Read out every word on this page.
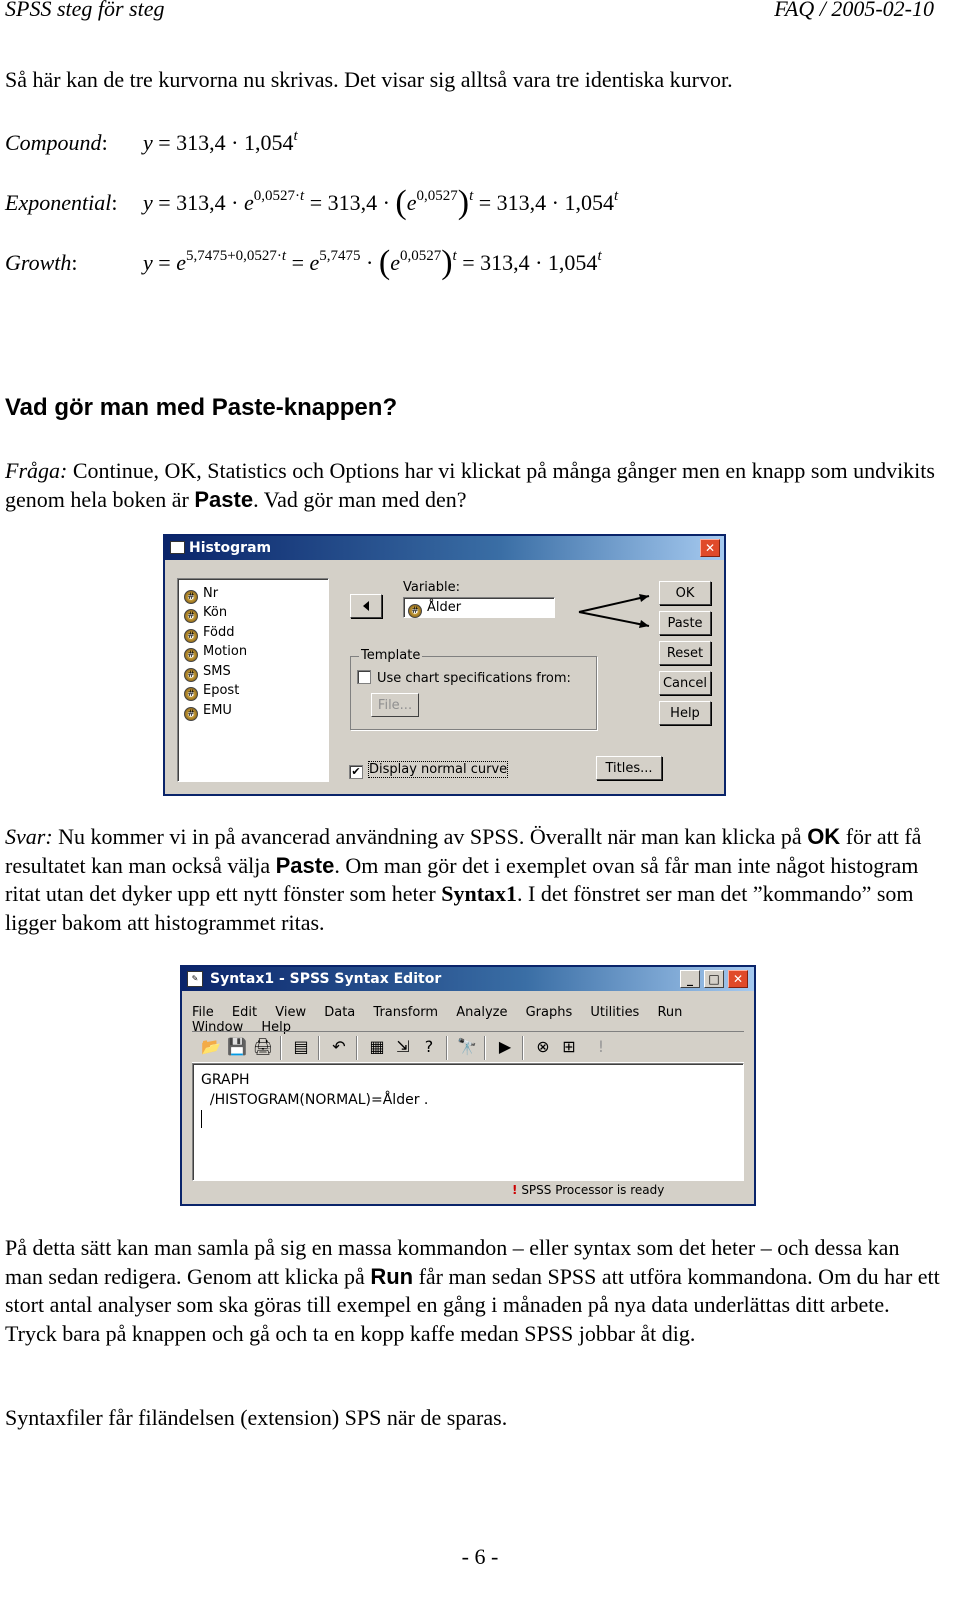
SPSS steg för steg	FAQ / 2005-02-10
Så här kan de tre kurvorna nu skrivas. Det visar sig alltså vara tre identiska kurvor.
Compound: $y = 313,4 \cdot 1,054^t$
Exponential: $y = 313,4 \cdot e^{0,0527\cdot t} = 313,4 \cdot (e^{0,0527})^t = 313,4 \cdot 1,054^t$
Growth:	$y = e^{5,7475+0,0527\cdot t} = e^{5,7475} \cdot (e^{0,0527})^t = 313,4 \cdot 1,054^t$
Vad gör man med Paste-knappen?
Fråga: Continue, OK, Statistics och Options har vi klickat på många gånger men en knapp som undvikits genom hela boken är Paste. Vad gör man med den?
Histogram	✕
# Nr
# Kön
# Född
# Motion
# SMS
# Epost
# EMU
Variable:
# Ålder
OK
Paste
Reset
Cancel
Help
Template
Use chart specifications from:
File...
✔ Display normal curve	Titles...
Svar: Nu kommer vi in på avancerad användning av SPSS. Överallt när man kan klicka på OK för att få resultatet kan man också välja Paste. Om man gör det i exemplet ovan så får man inte något histogram ritat utan det dyker upp ett nytt fönster som heter Syntax1. I det fönstret ser man det ”kommando” som ligger bakom att histogrammet ritas.
✎ Syntax1 - SPSS Syntax Editor	_	□	✕
File Edit View Data Transform Analyze Graphs Utilities Run Window Help
📂 💾 🖨	▤	↶	▦ ⇲ ?	🔭	▶	⊗ ⊞	!
GRAPH
/HISTOGRAM(NORMAL)=Ålder .
! SPSS Processor is ready
På detta sätt kan man samla på sig en massa kommandon – eller syntax som det heter – och dessa kan man sedan redigera. Genom att klicka på Run får man sedan SPSS att utföra kommandona. Om du har ett stort antal analyser som ska göras till exempel en gång i månaden på nya data underlättas ditt arbete. Tryck bara på knappen och gå och ta en kopp kaffe medan SPSS jobbar åt dig.
Syntaxfiler får filändelsen (extension) SPS när de sparas.
- 6 -
